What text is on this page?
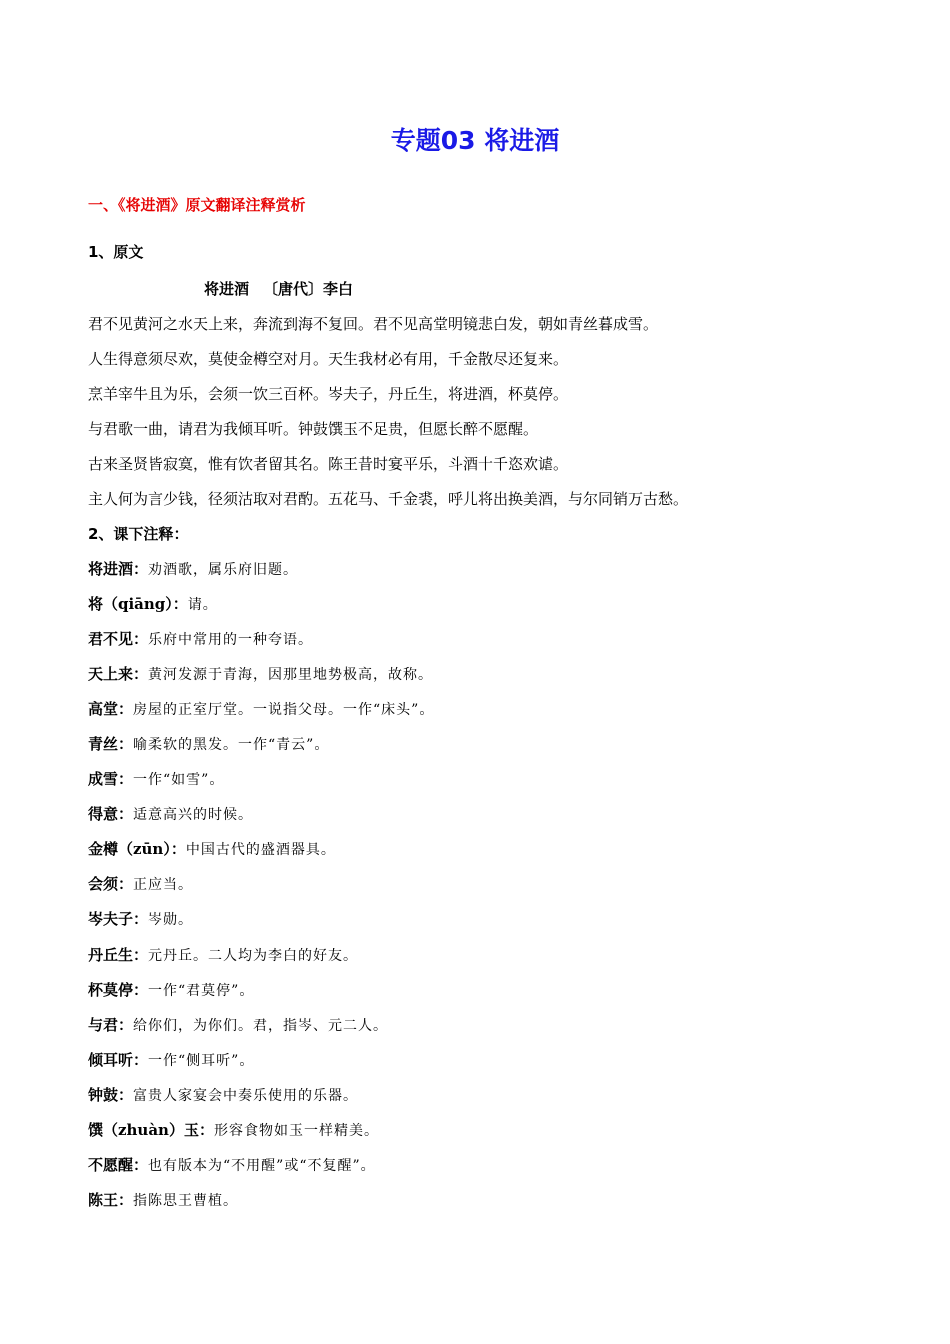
专题03 将进酒
一、《将进酒》原文翻译注释赏析
1、原文
将进酒 〔唐代〕李白
君不见黄河之水天上来，奔流到海不复回。君不见高堂明镜悲白发，朝如青丝暮成雪。
人生得意须尽欢，莫使金樽空对月。天生我材必有用，千金散尽还复来。
烹羊宰牛且为乐，会须一饮三百杯。岑夫子，丹丘生，将进酒，杯莫停。
与君歌一曲，请君为我倾耳听。钟鼓馔玉不足贵，但愿长醉不愿醒。
古来圣贤皆寂寞，惟有饮者留其名。陈王昔时宴平乐，斗酒十千恣欢谑。
主人何为言少钱，径须沽取对君酌。五花马、千金裘，呼儿将出换美酒，与尔同销万古愁。
2、课下注释：
将进酒：劝酒歌，属乐府旧题。
将（qiāng）：请。
君不见：乐府中常用的一种夸语。
天上来：黄河发源于青海，因那里地势极高，故称。
高堂：房屋的正室厅堂。一说指父母。一作“床头”。
青丝：喻柔软的黑发。一作“青云”。
成雪：一作“如雪”。
得意：适意高兴的时候。
金樽（zūn）：中国古代的盛酒器具。
会须：正应当。
岑夫子：岑勋。
丹丘生：元丹丘。二人均为李白的好友。
杯莫停：一作“君莫停”。
与君：给你们，为你们。君，指岑、元二人。
倾耳听：一作“侧耳听”。
钟鼓：富贵人家宴会中奏乐使用的乐器。
馔（zhuàn）玉：形容食物如玉一样精美。
不愿醒：也有版本为“不用醒”或“不复醒”。
陈王：指陈思王曹植。
